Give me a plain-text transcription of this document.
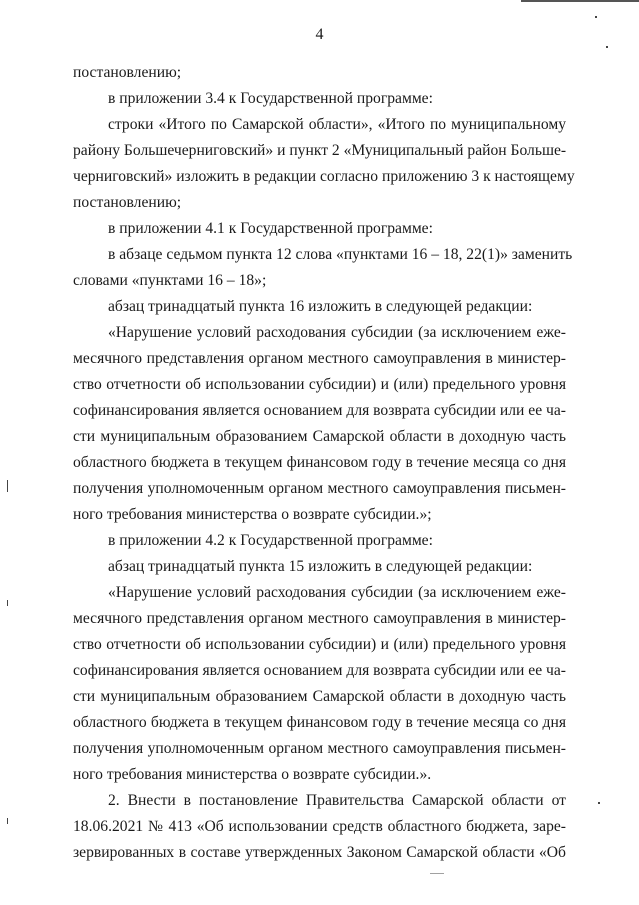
4
постановлению;
в приложении 3.4 к Государственной программе:
строки «Итого по Самарской области», «Итого по муниципальному
району Большечерниговский» и пункт 2 «Муниципальный район Больше-
черниговский» изложить в редакции согласно приложению 3 к настоящему
постановлению;
в приложении 4.1 к Государственной программе:
в абзаце седьмом пункта 12 слова «пунктами 16 – 18, 22(1)» заменить
словами «пунктами 16 – 18»;
абзац тринадцатый пункта 16 изложить в следующей редакции:
«Нарушение условий расходования субсидии (за исключением еже-
месячного представления органом местного самоуправления в министер-
ство отчетности об использовании субсидии) и (или) предельного уровня
софинансирования является основанием для возврата субсидии или ее ча-
сти муниципальным образованием Самарской области в доходную часть
областного бюджета в текущем финансовом году в течение месяца со дня
получения уполномоченным органом местного самоуправления письмен-
ного требования министерства о возврате субсидии.»;
в приложении 4.2 к Государственной программе:
абзац тринадцатый пункта 15 изложить в следующей редакции:
«Нарушение условий расходования субсидии (за исключением еже-
месячного представления органом местного самоуправления в министер-
ство отчетности об использовании субсидии) и (или) предельного уровня
софинансирования является основанием для возврата субсидии или ее ча-
сти муниципальным образованием Самарской области в доходную часть
областного бюджета в текущем финансовом году в течение месяца со дня
получения уполномоченным органом местного самоуправления письмен-
ного требования министерства о возврате субсидии.».
2. Внести в постановление Правительства Самарской области от
18.06.2021 № 413 «Об использовании средств областного бюджета, заре-
зервированных в составе утвержденных Законом Самарской области «Об
